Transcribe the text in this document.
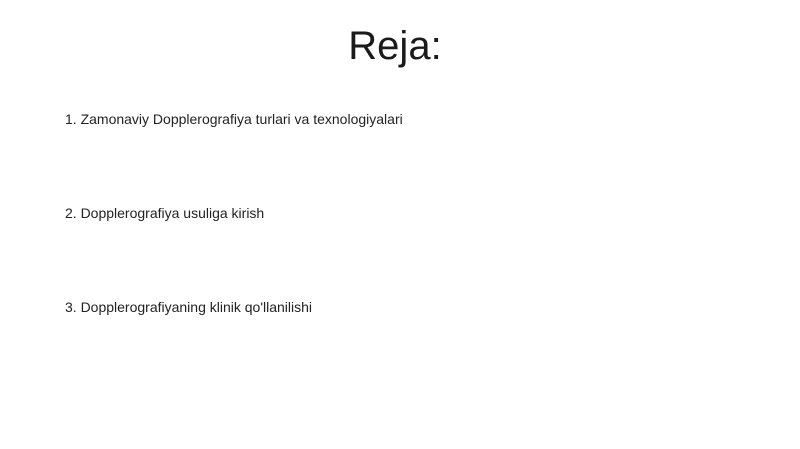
Reja:
1. Zamonaviy Dopplerografiya turlari va texnologiyalari
2. Dopplerografiya usuliga kirish
3. Dopplerografiyaning klinik qo'llanilishi
